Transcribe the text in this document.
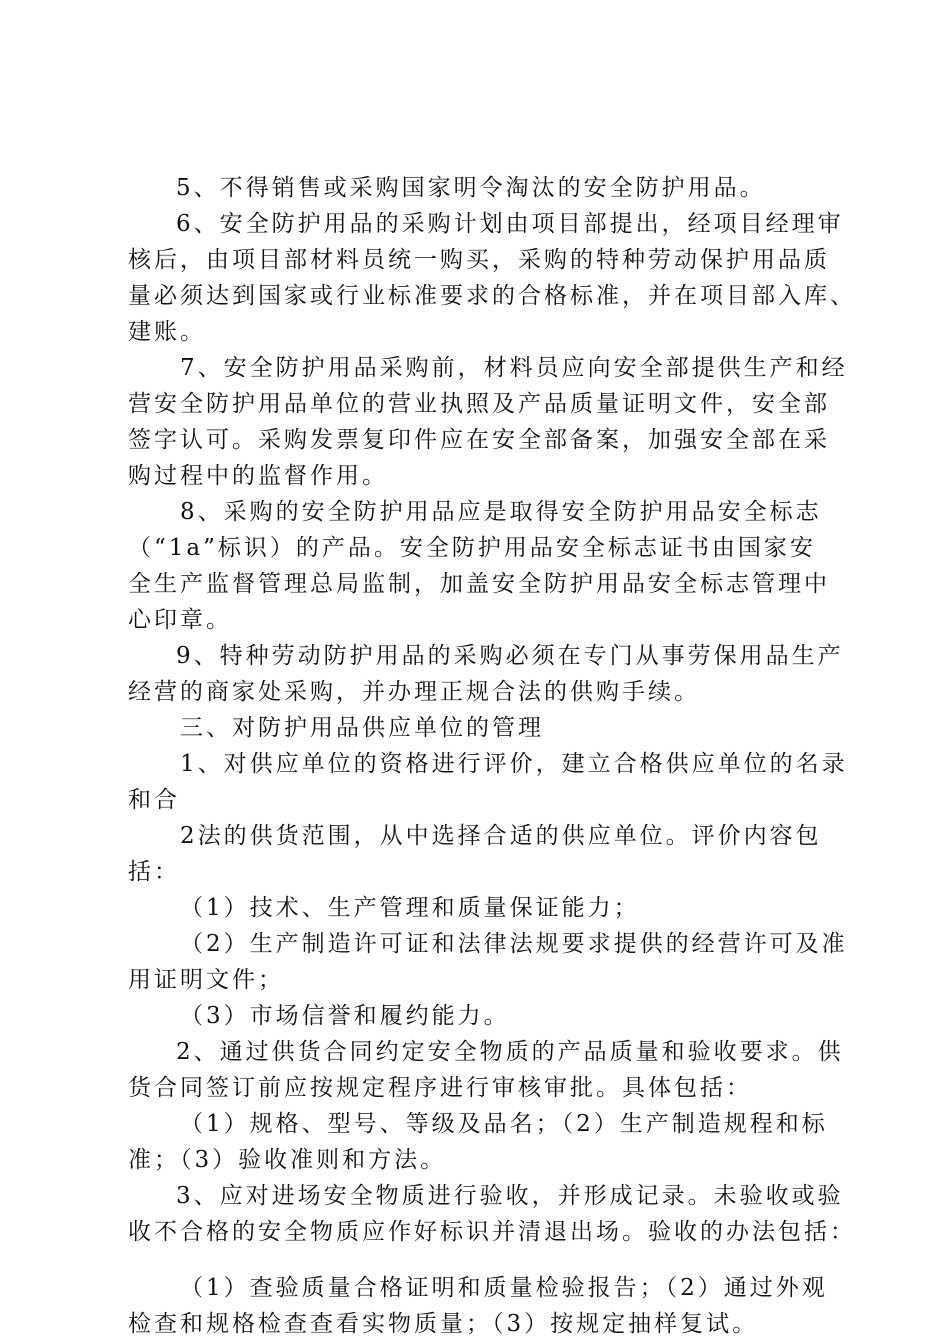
5、不得销售或采购国家明令淘汰的安全防护用品。
6、安全防护用品的采购计划由项目部提出，经项目经理审
核后，由项目部材料员统一购买，采购的特种劳动保护用品质
量必须达到国家或行业标准要求的合格标准，并在项目部入库、
建账。
7、安全防护用品采购前，材料员应向安全部提供生产和经
营安全防护用品单位的营业执照及产品质量证明文件，安全部
签字认可。采购发票复印件应在安全部备案，加强安全部在采
购过程中的监督作用。
8、采购的安全防护用品应是取得安全防护用品安全标志
（“1a”标识）的产品。安全防护用品安全标志证书由国家安
全生产监督管理总局监制，加盖安全防护用品安全标志管理中
心印章。
9、特种劳动防护用品的采购必须在专门从事劳保用品生产
经营的商家处采购，并办理正规合法的供购手续。
三、对防护用品供应单位的管理
1、对供应单位的资格进行评价，建立合格供应单位的名录
和合
2法的供货范围，从中选择合适的供应单位。评价内容包
括：
（1）技术、生产管理和质量保证能力；
（2）生产制造许可证和法律法规要求提供的经营许可及准
用证明文件；
（3）市场信誉和履约能力。
2、通过供货合同约定安全物质的产品质量和验收要求。供
货合同签订前应按规定程序进行审核审批。具体包括：
（1）规格、型号、等级及品名；（2）生产制造规程和标
准；（3）验收准则和方法。
3、应对进场安全物质进行验收，并形成记录。未验收或验
收不合格的安全物质应作好标识并清退出场。验收的办法包括：
（1）查验质量合格证明和质量检验报告；（2）通过外观
检查和规格检查查看实物质量；（3）按规定抽样复试。
